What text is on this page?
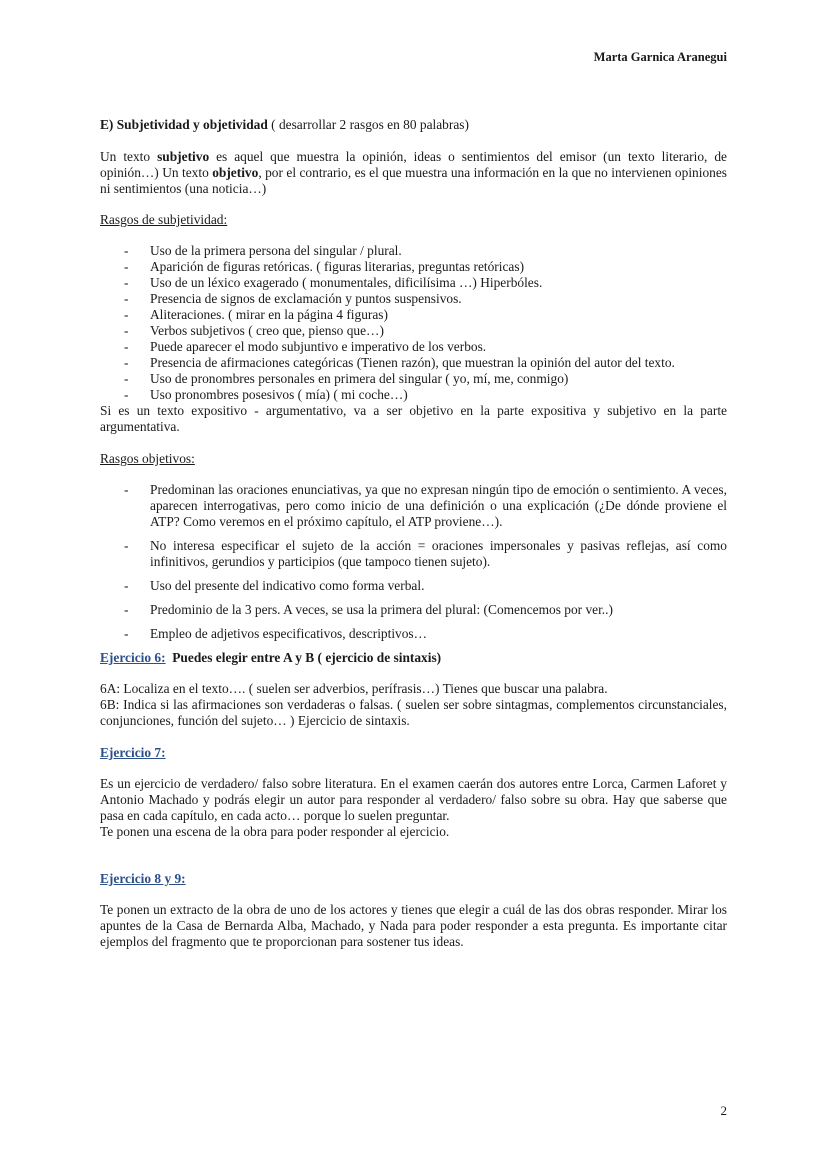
Marta Garnica Aranegui

E) Subjetividad y objetividad ( desarrollar 2 rasgos en 80 palabras)

Un texto subjetivo es aquel que muestra la opinión, ideas o sentimientos del emisor (un texto literario, de opinión…) Un texto objetivo, por el contrario, es el que muestra una información en la que no intervienen opiniones ni sentimientos (una noticia…)

Rasgos de subjetividad:

- Uso de la primera persona del singular / plural.
- Aparición de figuras retóricas. ( figuras literarias, preguntas retóricas)
- Uso de un léxico exagerado ( monumentales, dificilísima …) Hiperbóles.
- Presencia de signos de exclamación y puntos suspensivos.
- Aliteraciones. ( mirar en la página 4 figuras)
- Verbos subjetivos ( creo que, pienso que…)
- Puede aparecer el modo subjuntivo e imperativo de los verbos.
- Presencia de afirmaciones categóricas (Tienen razón), que muestran la opinión del autor del texto.
- Uso de pronombres personales en primera del singular ( yo, mí, me, conmigo)
- Uso pronombres posesivos ( mía) ( mi coche…)

Si es un texto expositivo - argumentativo, va a ser objetivo en la parte expositiva y subjetivo en la parte argumentativa.

Rasgos objetivos:

- Predominan las oraciones enunciativas, ya que no expresan ningún tipo de emoción o sentimiento. A veces, aparecen interrogativas, pero como inicio de una definición o una explicación (¿De dónde proviene el ATP? Como veremos en el próximo capítulo, el ATP proviene…).
- No interesa especificar el sujeto de la acción = oraciones impersonales y pasivas reflejas, así como infinitivos, gerundios y participios (que tampoco tienen sujeto).
- Uso del presente del indicativo como forma verbal.
- Predominio de la 3 pers. A veces, se usa la primera del plural: (Comencemos por ver..)
- Empleo de adjetivos especificativos, descriptivos…

Ejercicio 6:  Puedes elegir entre A y B ( ejercicio de sintaxis)

6A: Localiza en el texto…. ( suelen ser adverbios, perífrasis…) Tienes que buscar una palabra.

6B: Indica si las afirmaciones son verdaderas o falsas. ( suelen ser sobre sintagmas, complementos circunstanciales, conjunciones, función del sujeto… ) Ejercicio de sintaxis.

Ejercicio 7:

Es un ejercicio de verdadero/ falso sobre literatura. En el examen caerán dos autores entre Lorca, Carmen Laforet y Antonio Machado y podrás elegir un autor para responder al verdadero/ falso sobre su obra. Hay que saberse que pasa en cada capítulo, en cada acto… porque lo suelen preguntar.

Te ponen una escena de la obra para poder responder al ejercicio.

Ejercicio 8 y 9:

Te ponen un extracto de la obra de uno de los actores y tienes que elegir a cuál de las dos obras responder. Mirar los apuntes de la Casa de Bernarda Alba, Machado, y Nada para poder responder a esta pregunta. Es importante citar ejemplos del fragmento que te proporcionan para sostener tus ideas.

2
